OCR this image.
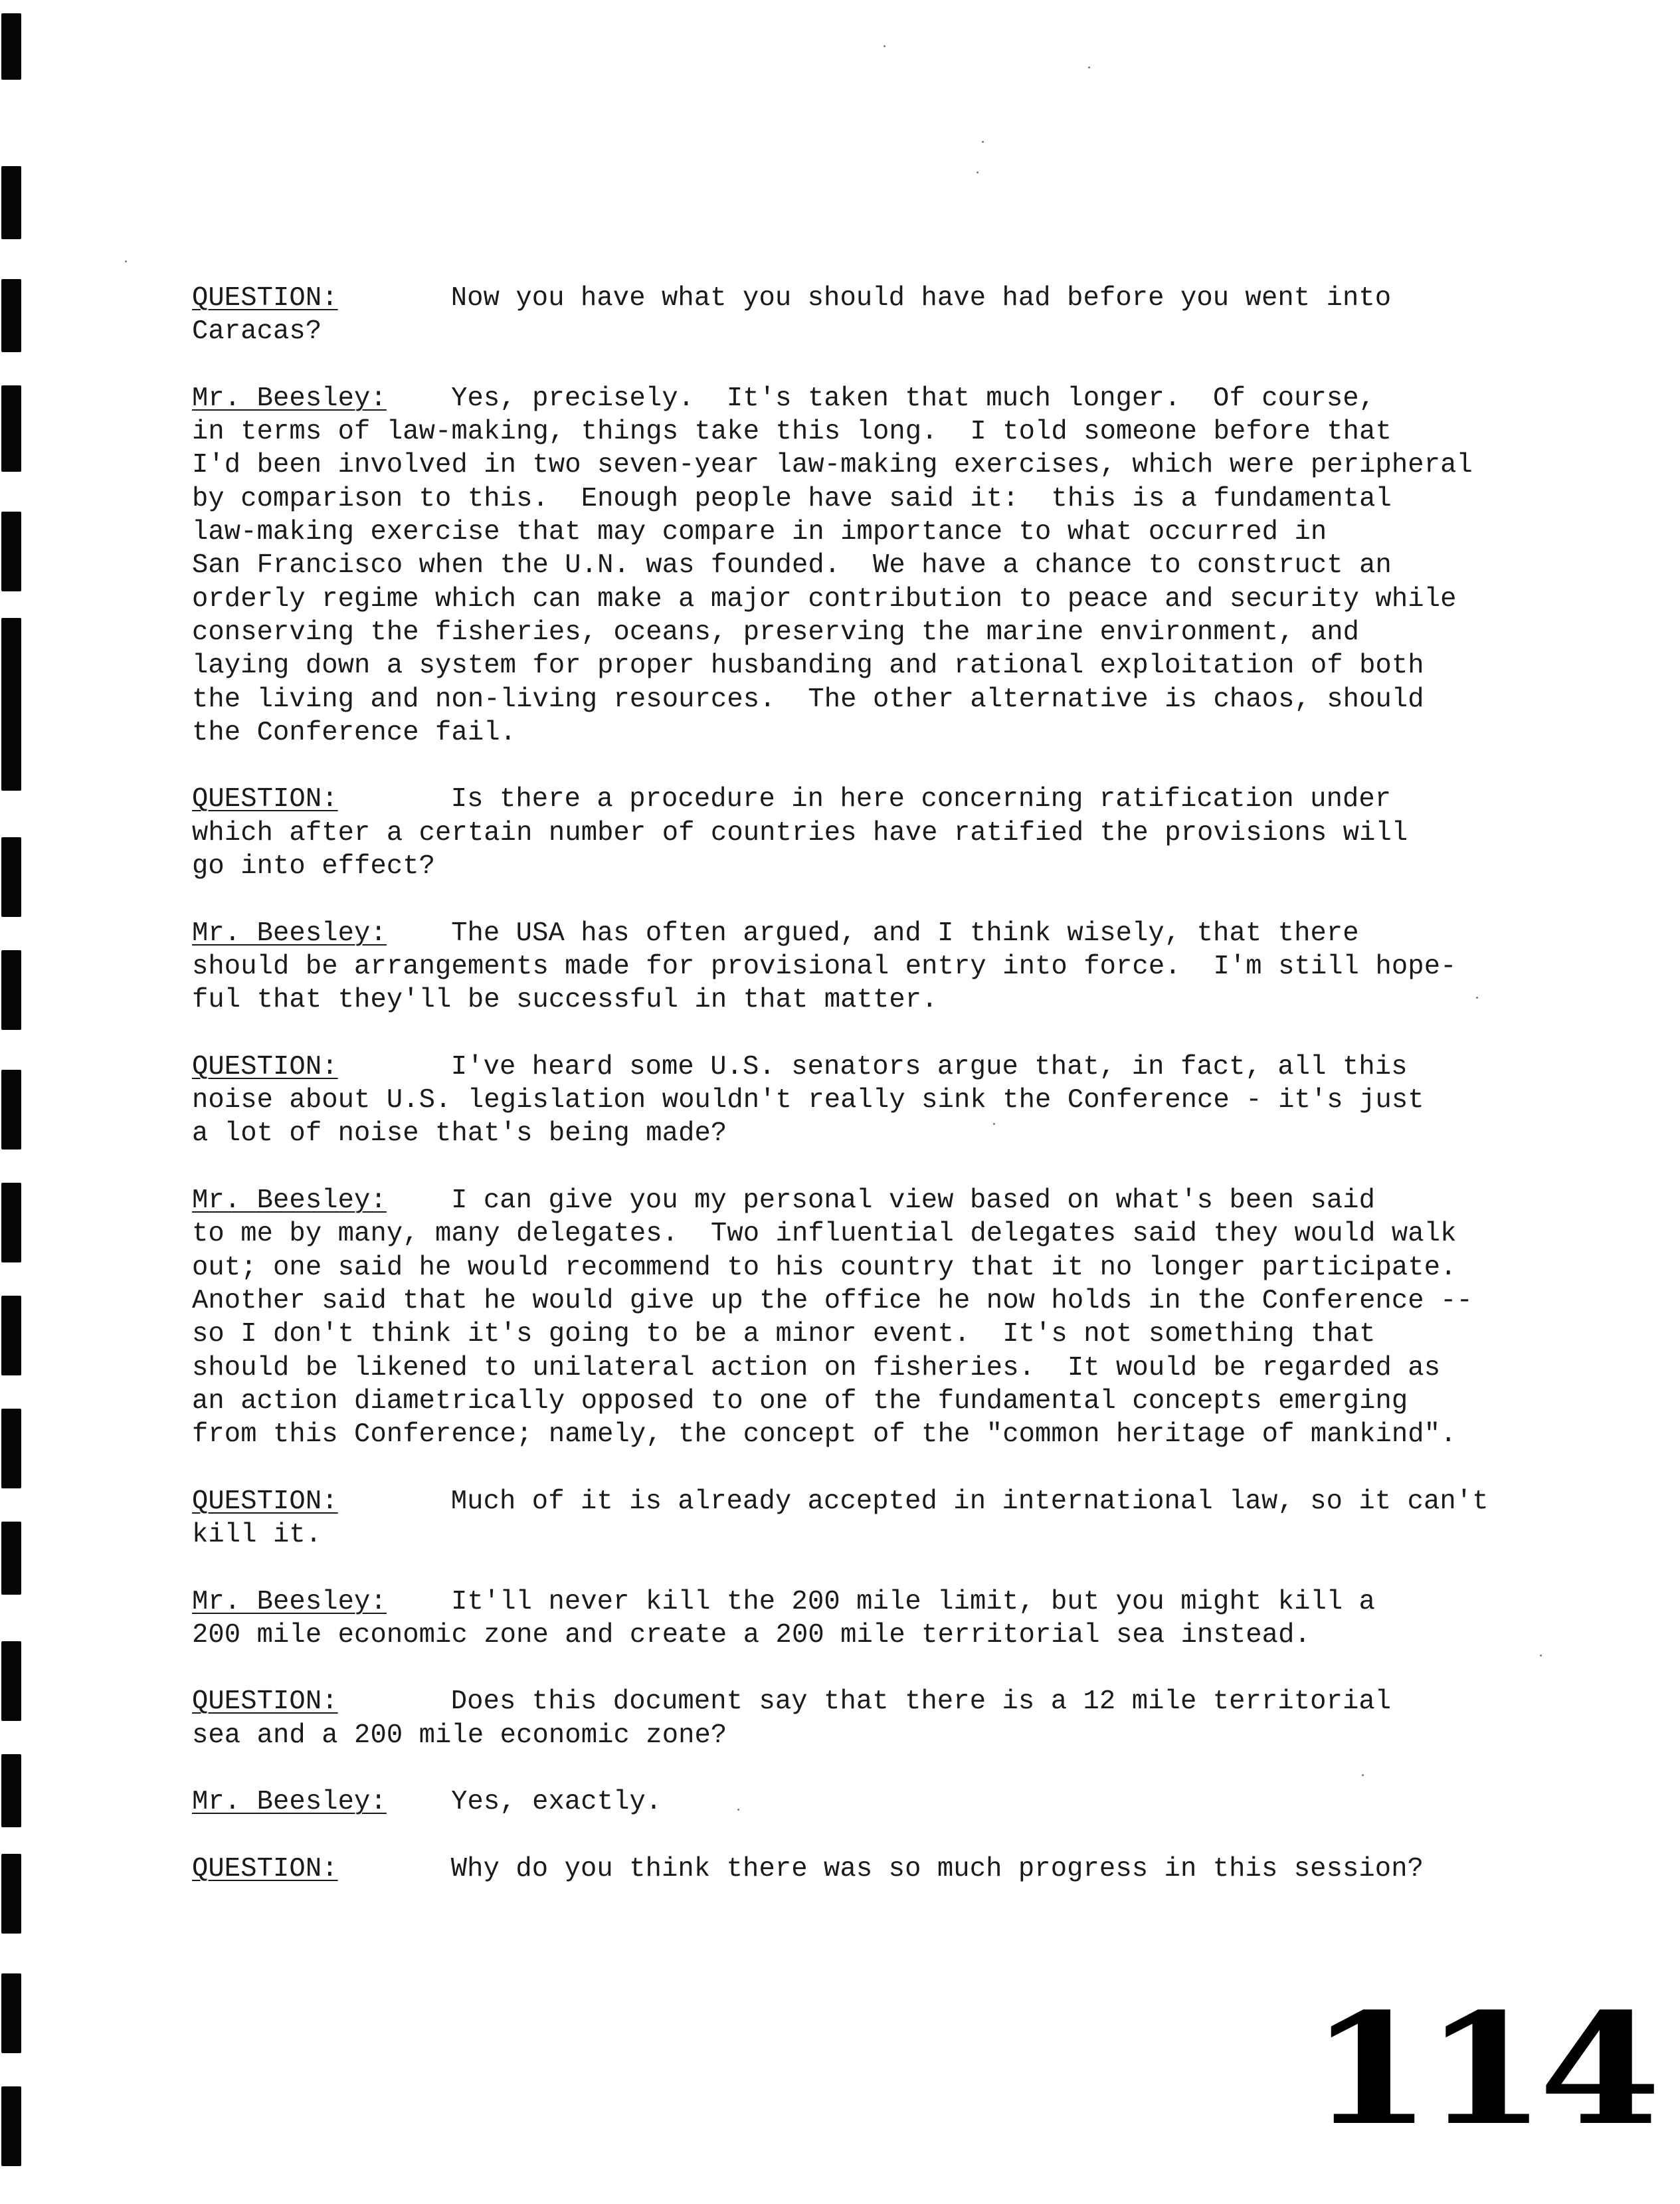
QUESTION:	Now you have what you should have had before you went into
Caracas?
Mr. Beesley: Yes, precisely.  It's taken that much longer.  Of course,
in terms of law-making, things take this long.  I told someone before that
I'd been involved in two seven-year law-making exercises, which were peripheral
by comparison to this.  Enough people have said it:  this is a fundamental
law-making exercise that may compare in importance to what occurred in
San Francisco when the U.N. was founded.  We have a chance to construct an
orderly regime which can make a major contribution to peace and security while
conserving the fisheries, oceans, preserving the marine environment, and
laying down a system for proper husbanding and rational exploitation of both
the living and non-living resources.  The other alternative is chaos, should
the Conference fail.
QUESTION:	Is there a procedure in here concerning ratification under
which after a certain number of countries have ratified the provisions will
go into effect?
Mr. Beesley: The USA has often argued, and I think wisely, that there
should be arrangements made for provisional entry into force.  I'm still hope-
ful that they'll be successful in that matter.
QUESTION:	I've heard some U.S. senators argue that, in fact, all this
noise about U.S. legislation wouldn't really sink the Conference - it's just
a lot of noise that's being made?
Mr. Beesley: I can give you my personal view based on what's been said
to me by many, many delegates.  Two influential delegates said they would walk
out; one said he would recommend to his country that it no longer participate.
Another said that he would give up the office he now holds in the Conference --
so I don't think it's going to be a minor event.  It's not something that
should be likened to unilateral action on fisheries.  It would be regarded as
an action diametrically opposed to one of the fundamental concepts emerging
from this Conference; namely, the concept of the "common heritage of mankind".
QUESTION:	Much of it is already accepted in international law, so it can't
kill it.
Mr. Beesley: It'll never kill the 200 mile limit, but you might kill a
200 mile economic zone and create a 200 mile territorial sea instead.
QUESTION:	Does this document say that there is a 12 mile territorial
sea and a 200 mile economic zone?
Mr. Beesley: Yes, exactly.
QUESTION:	Why do you think there was so much progress in this session?
114
